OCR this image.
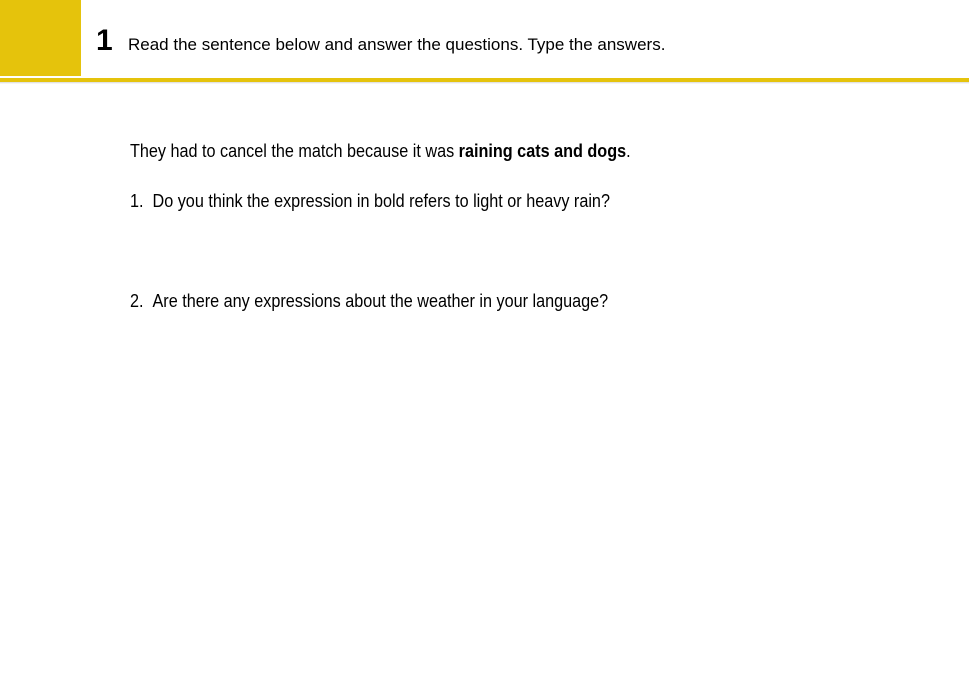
1 Read the sentence below and answer the questions. Type the answers.
They had to cancel the match because it was raining cats and dogs.
1. Do you think the expression in bold refers to light or heavy rain?
2. Are there any expressions about the weather in your language?
